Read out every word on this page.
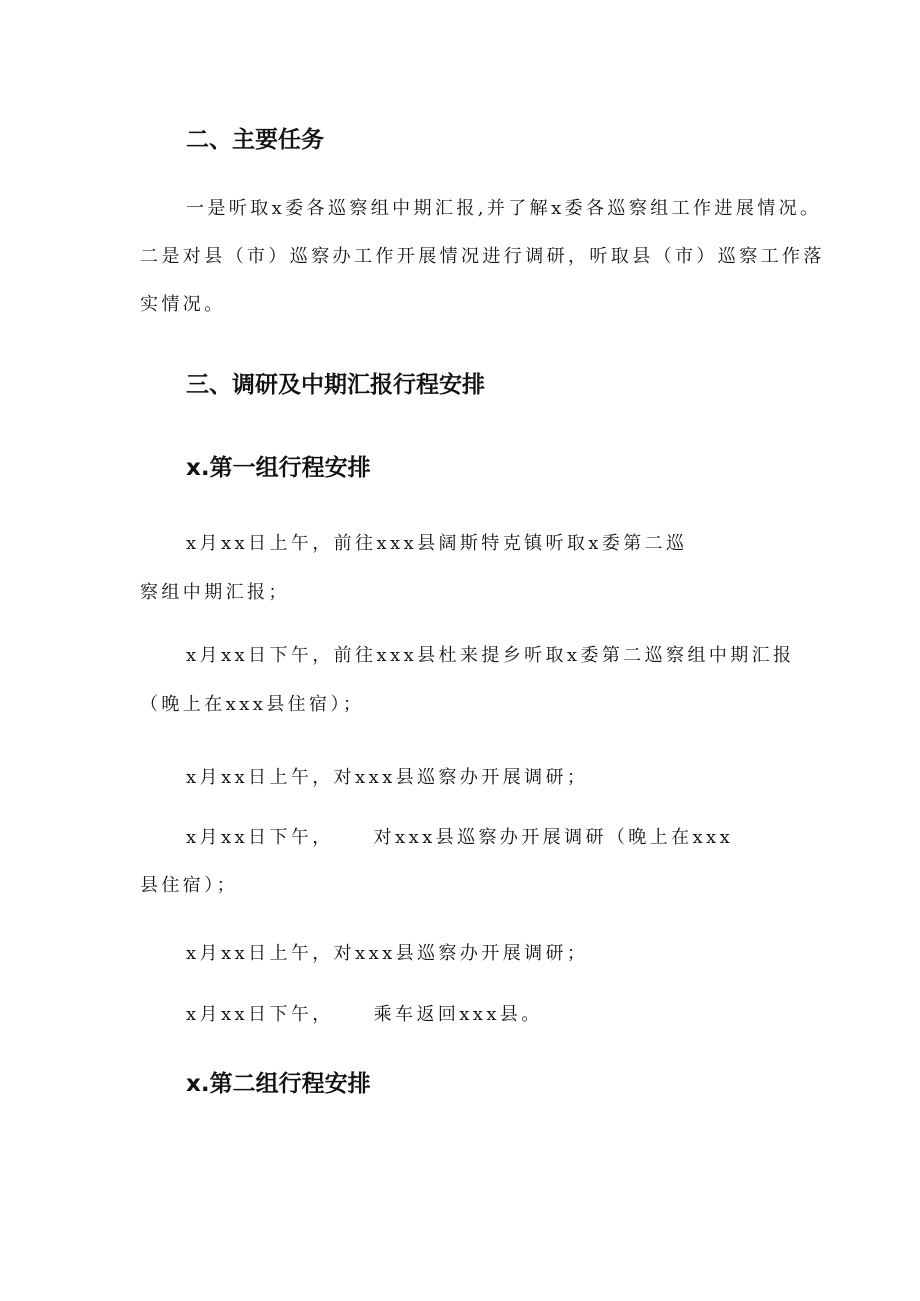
二、主要任务
一是听取x委各巡察组中期汇报,并了解x委各巡察组工作进展情况。
二是对县（市）巡察办工作开展情况进行调研，听取县（市）巡察工作落
实情况。
三、调研及中期汇报行程安排
x.第一组行程安排
x月xx日上午，前往xxx县阔斯特克镇听取x委第二巡
察组中期汇报；
x月xx日下午，前往xxx县杜来提乡听取x委第二巡察组中期汇报
（晚上在xxx县住宿）；
x月xx日上午，对xxx县巡察办开展调研；
x月xx日下午， 对xxx县巡察办开展调研（晚上在xxx
县住宿）；
x月xx日上午，对xxx县巡察办开展调研；
x月xx日下午， 乘车返回xxx县。
x.第二组行程安排
